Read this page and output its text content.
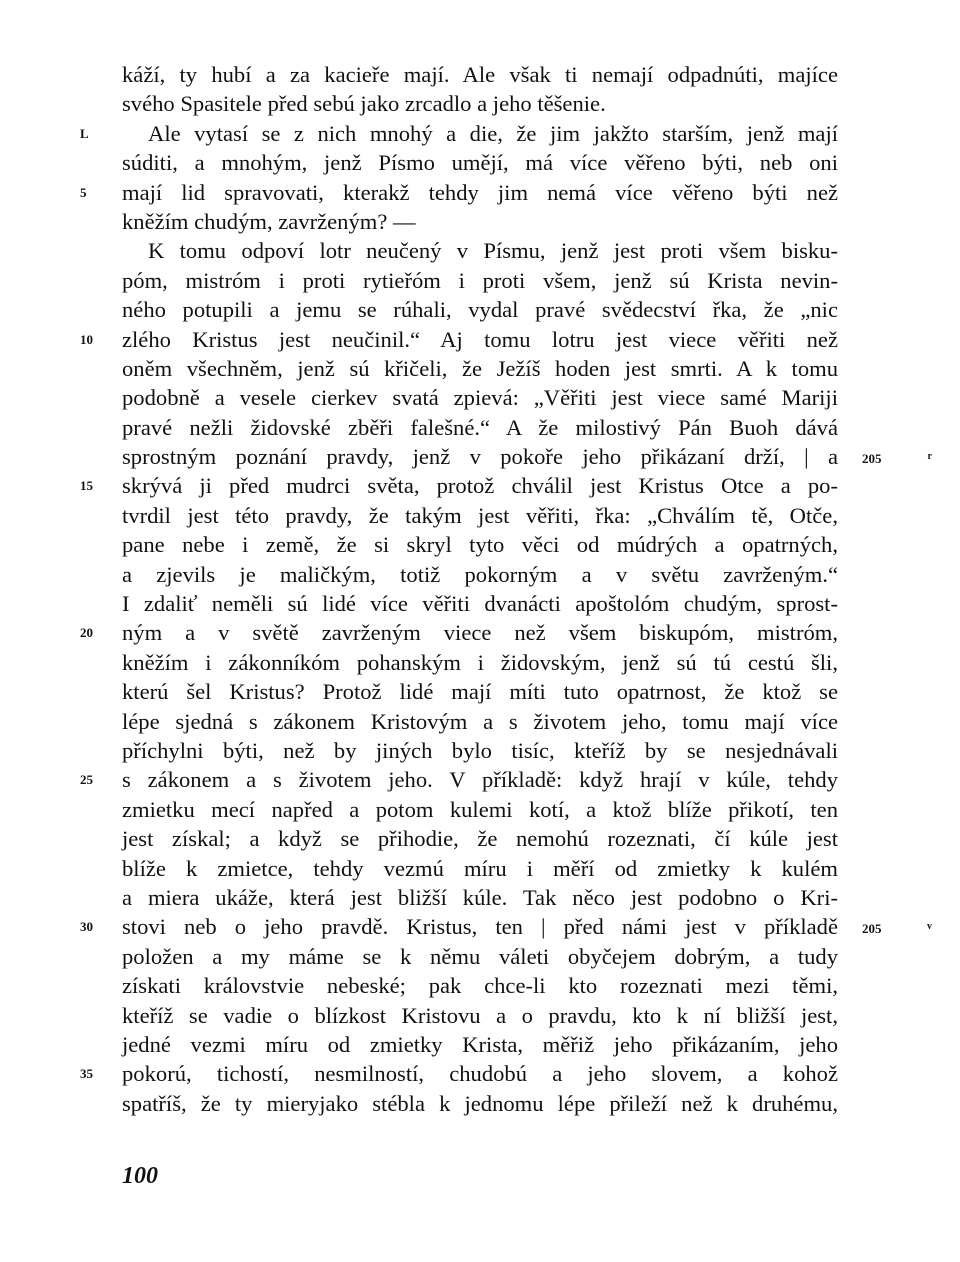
káží, ty hubí a za kacieře mají. Ale však ti nemají odpadnúti, majíce
svého Spasitele před sebú jako zrcadlo a jeho těšenie.
L	Ale vytasí se z nich mnohý a die, že jim jakžto starším, jenž mají
súditi, a mnohým, jenž Písmo umějí, má více věřeno býti, neb oni
5	mají lid spravovati, kterakž tehdy jim nemá více věřeno býti než
kněžím chudým, zavrženým? —
K tomu odpoví lotr neučený v Písmu, jenž jest proti všem bisku-
póm, mistróm i proti rytieřóm i proti všem, jenž sú Krista nevin-
ného potupili a jemu se rúhali, vydal pravé svědecství řka, že „nic
10	zlého Kristus jest neučinil.“ Aj tomu lotru jest viece věřiti než
oněm všechněm, jenž sú křičeli, že Ježíš hoden jest smrti. A k tomu
podobně a vesele cierkev svatá zpievá: „Věřiti jest viece samé Mariji
pravé nežli židovské zběři falešné.“ A že milostivý Pán Buoh dává
sprostným poznání pravdy, jenž v pokoře jeho přikázaní drží, | a 205	$^r$
15	skrývá ji před mudrci světa, protož chválil jest Kristus Otce a po-
tvrdil jest této pravdy, že takým jest věřiti, řka: „Chválím tě, Otče,
pane nebe i země, že si skryl tyto věci od múdrých a opatrných,
a zjevils je maličkým, totiž pokorným a v světu zavrženým.“
I zdaliť neměli sú lidé více věřiti dvanácti apoštolóm chudým, sprost-
20	ným a v světě zavrženým viece než všem biskupóm, mistróm,
kněžím i zákonníkóm pohanským i židovským, jenž sú tú cestú šli,
kterú šel Kristus? Protož lidé mají míti tuto opatrnost, že ktož se
lépe sjedná s zákonem Kristovým a s životem jeho, tomu mají více
příchylni býti, než by jiných bylo tisíc, kteříž by se nesjednávali
25	s zákonem a s životem jeho. V příkladě: když hrají v kúle, tehdy
zmietku mecí napřed a potom kulemi kotí, a ktož blíže přikotí, ten
jest získal; a když se přihodie, že nemohú rozeznati, čí kúle jest
blíže k zmietce, tehdy vezmú míru i měří od zmietky k kulém
a miera ukáže, která jest bližší kúle. Tak něco jest podobno o Kri-
30	stovi neb o jeho pravdě. Kristus, ten | před námi jest v příkladě 205	$^v$
položen a my máme se k němu váleti obyčejem dobrým, a tudy
získati královstvie nebeské; pak chce-li kto rozeznati mezi těmi,
kteříž se vadie o blízkost Kristovu a o pravdu, kto k ní bližší jest,
jedné vezmi míru od zmietky Krista, měřiž jeho přikázaním, jeho
35	pokorú, tichostí, nesmilností, chudobú a jeho slovem, a kohož
spatříš, že ty mieryjako stébla k jednomu lépe přileží než k druhému,
100
